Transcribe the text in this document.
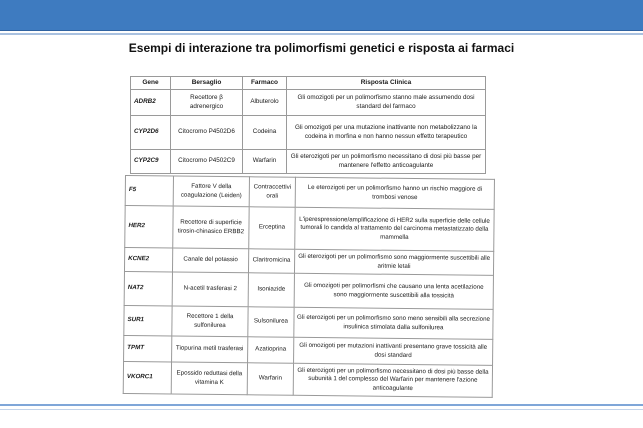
Esempi di interazione tra polimorfismi genetici e risposta ai farmaci
Gene	Bersaglio	Farmaco	Risposta Clinica
ADRB2	Recettore β adrenergico	Albuterolo	Gli omozigoti per un polimorfismo stanno male assumendo dosi standard del farmaco
CYP2D6	Citocromo P4502D6	Codeina	Gli omozigoti per una mutazione inattivante non metabolizzano la codeina in morfina e non hanno nessun effetto terapeutico
CYP2C9	Citocromo P4502C9	Warfarin	Gli eterozigoti per un polimorfismo necessitano di dosi più basse per mantenere l'effetto anticoagulante
F5	Fattore V della coagulazione (Leiden)	Contraccettivi orali	Le eterozigoti per un polimorfismo hanno un rischio maggiore di trombosi venose
HER2	Recettore di superficie tirosin-chinasico ERBB2	Erceptina	L'iperespressione/amplificazione di HER2 sulla superficie delle cellule tumorali lo candida al trattamento del carcinoma metastatizzato della mammella
KCNE2	Canale del potassio	Claritromicina	Gli eterozigoti per un polimorfismo sono maggiormente suscettibili alle aritmie letali
NAT2	N-acetil trasferasi 2	Isoniazide	Gli omozigoti per polimorfismi che causano una lenta acetilazione sono maggiormente suscettibili alla tossicità
SUR1	Recettore 1 della sulfonilurea	Sulsonilurea	Gli eterozigoti per un polimorfismo sono meno sensibili alla secrezione insulinica stimolata dalla sulfonilurea
TPMT	Tiopurina metil trasferasi	Azatioprina	Gli omozigoti per mutazioni inattivanti presentano grave tossicità alle dosi standard
VKORC1	Epossido reduttasi della vitamina K	Warfarin	Gli eterozigoti per un polimorfismo necessitano di dosi più basse della subunità 1 del complesso del Warfarin per mantenere l'azione anticoagulante
